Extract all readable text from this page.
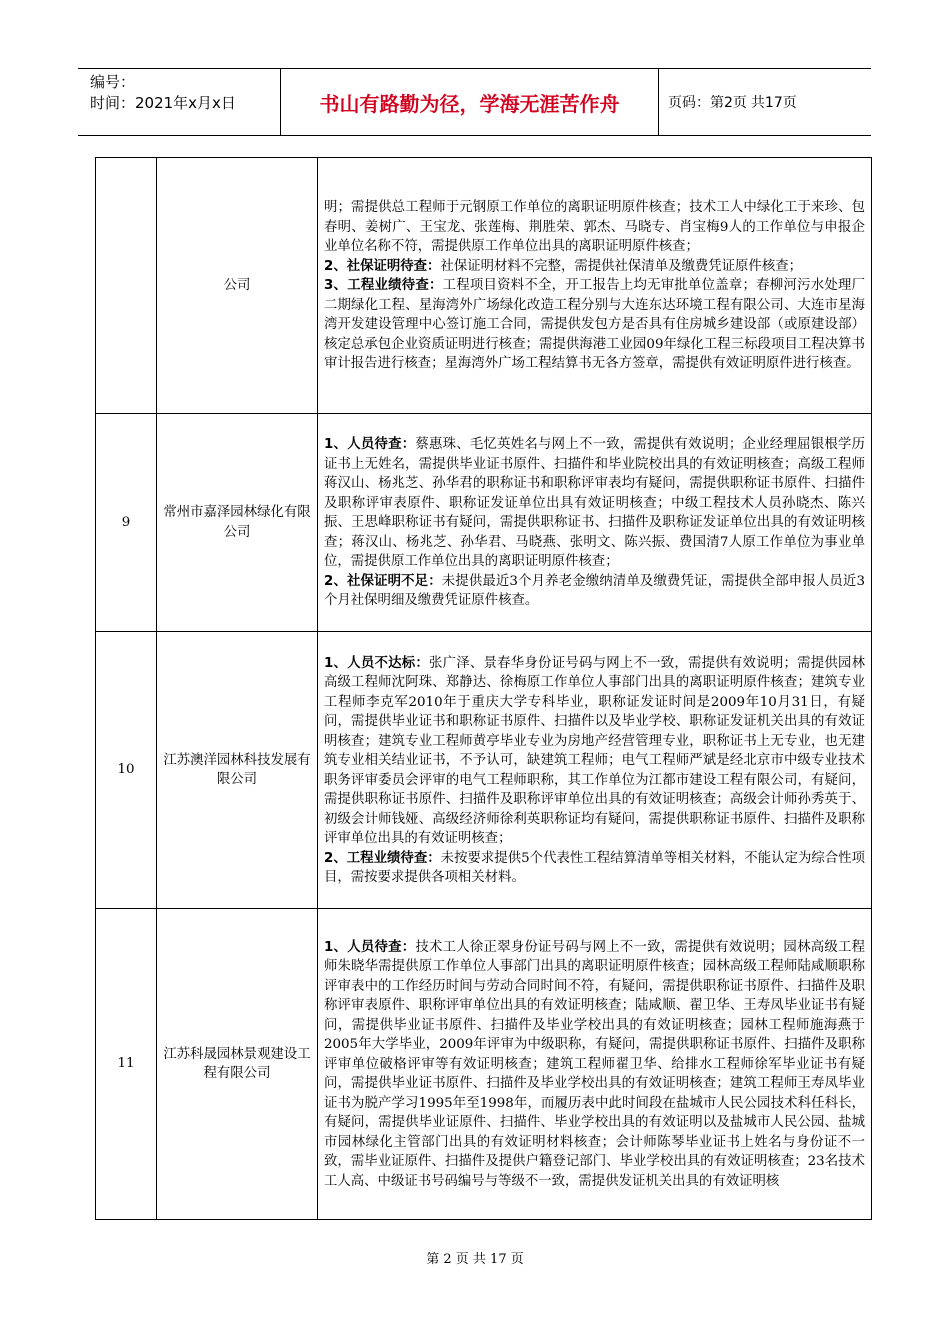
编号：
时间：2021年x月x日	书山有路勤为径，学海无涯苦作舟	页码：第2页 共17页
	公司	明；需提供总工程师于元钢原工作单位的离职证明原件核查；技术工人中绿化工于来珍、包春明、姜树广、王宝龙、张莲梅、荆胜荣、郭杰、马晓专、肖宝梅9人的工作单位与申报企业单位名称不符，需提供原工作单位出具的离职证明原件核查；
2、社保证明待查：社保证明材料不完整，需提供社保清单及缴费凭证原件核查；
3、工程业绩待查：工程项目资料不全，开工报告上均无审批单位盖章；春柳河污水处理厂二期绿化工程、星海湾外广场绿化改造工程分别与大连东达环境工程有限公司、大连市星海湾开发建设管理中心签订施工合同，需提供发包方是否具有住房城乡建设部（或原建设部）核定总承包企业资质证明进行核查；需提供海港工业园09年绿化工程三标段项目工程决算书审计报告进行核查；星海湾外广场工程结算书无各方签章，需提供有效证明原件进行核查。

9	常州市嘉泽园林绿化有限公司	1、人员待查：蔡惠珠、毛忆英姓名与网上不一致，需提供有效说明；企业经理屈银根学历证书上无姓名，需提供毕业证书原件、扫描件和毕业院校出具的有效证明核查；高级工程师蒋汉山、杨兆芝、孙华君的职称证书和职称评审表均有疑问，需提供职称证书原件、扫描件及职称评审表原件、职称证发证单位出具有效证明核查；中级工程技术人员孙晓杰、陈兴振、王思峰职称证书有疑问，需提供职称证书、扫描件及职称证发证单位出具的有效证明核查；蒋汉山、杨兆芝、孙华君、马晓燕、张明文、陈兴振、费国清7人原工作单位为事业单位，需提供原工作单位出具的离职证明原件核查；
2、社保证明不足：未提供最近3个月养老金缴纳清单及缴费凭证，需提供全部申报人员近3个月社保明细及缴费凭证原件核查。

10	江苏澳洋园林科技发展有限公司	1、人员不达标：张广泽、景春华身份证号码与网上不一致，需提供有效说明；需提供园林高级工程师沈阿珠、郑静达、徐梅原工作单位人事部门出具的离职证明原件核查；建筑专业工程师李克军2010年于重庆大学专科毕业，职称证发证时间是2009年10月31日，有疑问，需提供毕业证书和职称证书原件、扫描件以及毕业学校、职称证发证机关出具的有效证明核查；建筑专业工程师黄亭毕业专业为房地产经营管理专业，职称证书上无专业，也无建筑专业相关结业证书，不予认可，缺建筑工程师；电气工程师严斌是经北京市中级专业技术职务评审委员会评审的电气工程师职称，其工作单位为江都市建设工程有限公司，有疑问，需提供职称证书原件、扫描件及职称评审单位出具的有效证明核查；高级会计师孙秀英于、初级会计师钱娅、高级经济师徐利英职称证均有疑问，需提供职称证书原件、扫描件及职称评审单位出具的有效证明核查；
2、工程业绩待查：未按要求提供5个代表性工程结算清单等相关材料，不能认定为综合性项目，需按要求提供各项相关材料。

11	江苏科晟园林景观建设工程有限公司	1、人员待查：技术工人徐正翠身份证号码与网上不一致，需提供有效说明；园林高级工程师朱晓华需提供原工作单位人事部门出具的离职证明原件核查；园林高级工程师陆咸顺职称评审表中的工作经历时间与劳动合同时间不符，有疑问，需提供职称证书原件、扫描件及职称评审表原件、职称评审单位出具的有效证明核查；陆咸顺、翟卫华、王寿凤毕业证书有疑问，需提供毕业证书原件、扫描件及毕业学校出具的有效证明核查；园林工程师施海燕于2005年大学毕业，2009年评审为中级职称，有疑问，需提供职称证书原件、扫描件及职称评审单位破格评审等有效证明核查；建筑工程师翟卫华、给排水工程师徐军毕业证书有疑问，需提供毕业证书原件、扫描件及毕业学校出具的有效证明核查；建筑工程师王寿凤毕业证书为脱产学习1995年至1998年，而履历表中此时间段在盐城市人民公园技术科任科长，有疑问，需提供毕业证原件、扫描件、毕业学校出具的有效证明以及盐城市人民公园、盐城市园林绿化主管部门出具的有效证明材料核查；会计师陈琴毕业证书上姓名与身份证不一致，需毕业证原件、扫描件及提供户籍登记部门、毕业学校出具的有效证明核查；23名技术工人高、中级证书号码编号与等级不一致，需提供发证机关出具的有效证明核
第 2 页 共 17 页
